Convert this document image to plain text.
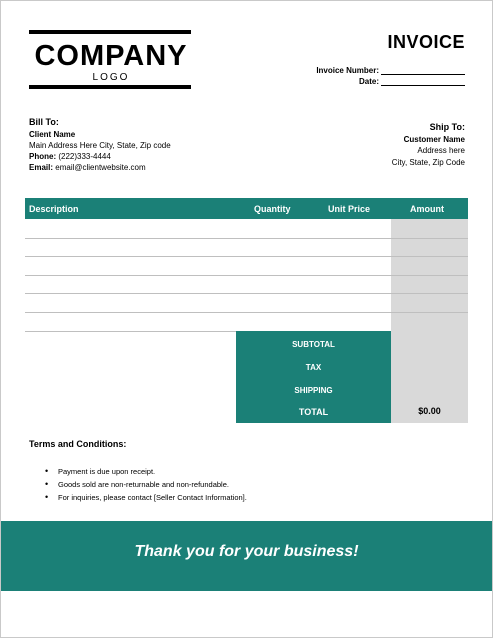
COMPANY
LOGO
INVOICE
Invoice Number:
Date:
Bill To:
Client Name
Main Address Here City, State, Zip code
Phone: (222)333-4444
Email: email@clientwebsite.com
Ship To:
Customer Name
Address here
City, State, Zip Code
Description	Quantity	Unit Price	Amount
SUBTOTAL
TAX
SHIPPING
TOTAL	$0.00
Terms and Conditions:
• Payment is due upon receipt.
• Goods sold are non-returnable and non-refundable.
• For inquiries, please contact [Seller Contact Information].
Thank you for your business!
